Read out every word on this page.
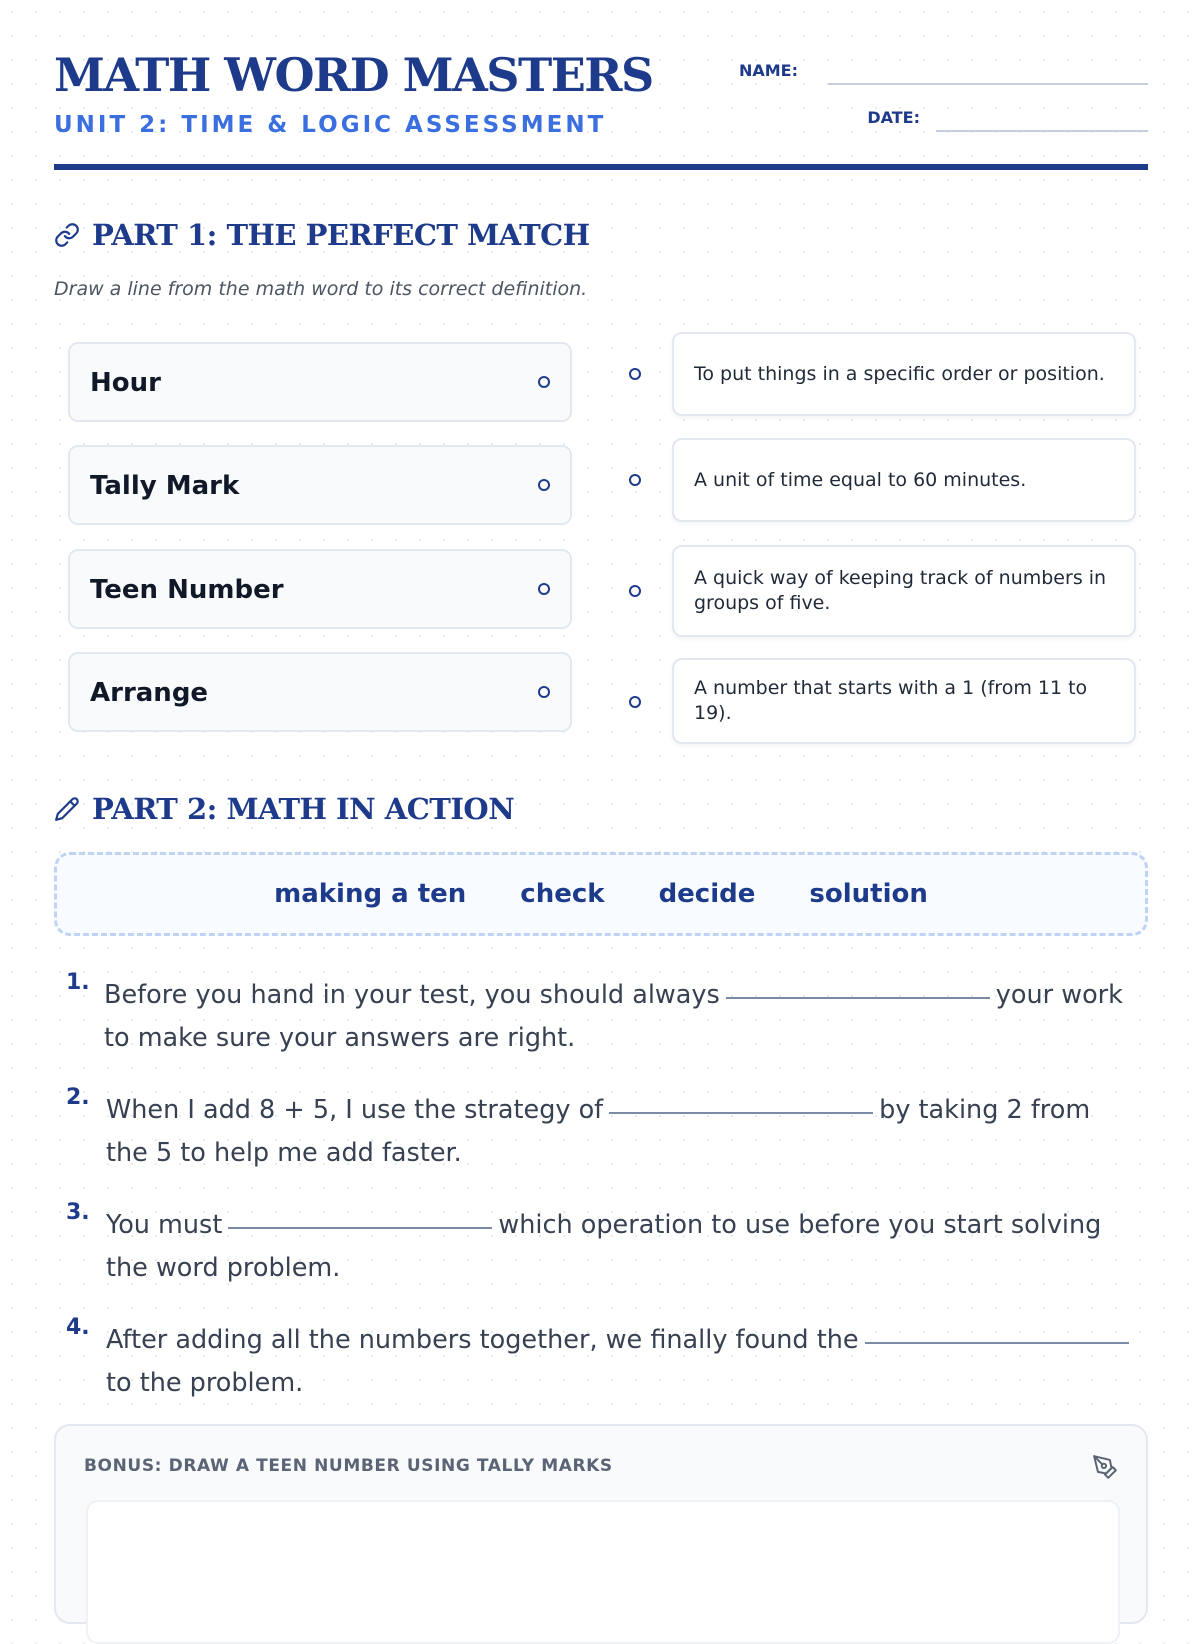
MATH WORD MASTERS
UNIT 2: TIME & LOGIC ASSESSMENT
NAME:
DATE:
PART 1: THE PERFECT MATCH
Draw a line from the math word to its correct definition.
Hour
Tally Mark
Teen Number
Arrange
To put things in a specific order or position.
A unit of time equal to 60 minutes.
A quick way of keeping track of numbers in groups of five.
A number that starts with a 1 (from 11 to 19).
PART 2: MATH IN ACTION
making a ten check decide solution
1. Before you hand in your test, you should always	your work to make sure your answers are right.
2. When I add 8 + 5, I use the strategy of	by taking 2 from the 5 to help me add faster.
3. You must	which operation to use before you start solving the word problem.
4. After adding all the numbers together, we finally found theto the problem.
BONUS: DRAW A TEEN NUMBER USING TALLY MARKS
